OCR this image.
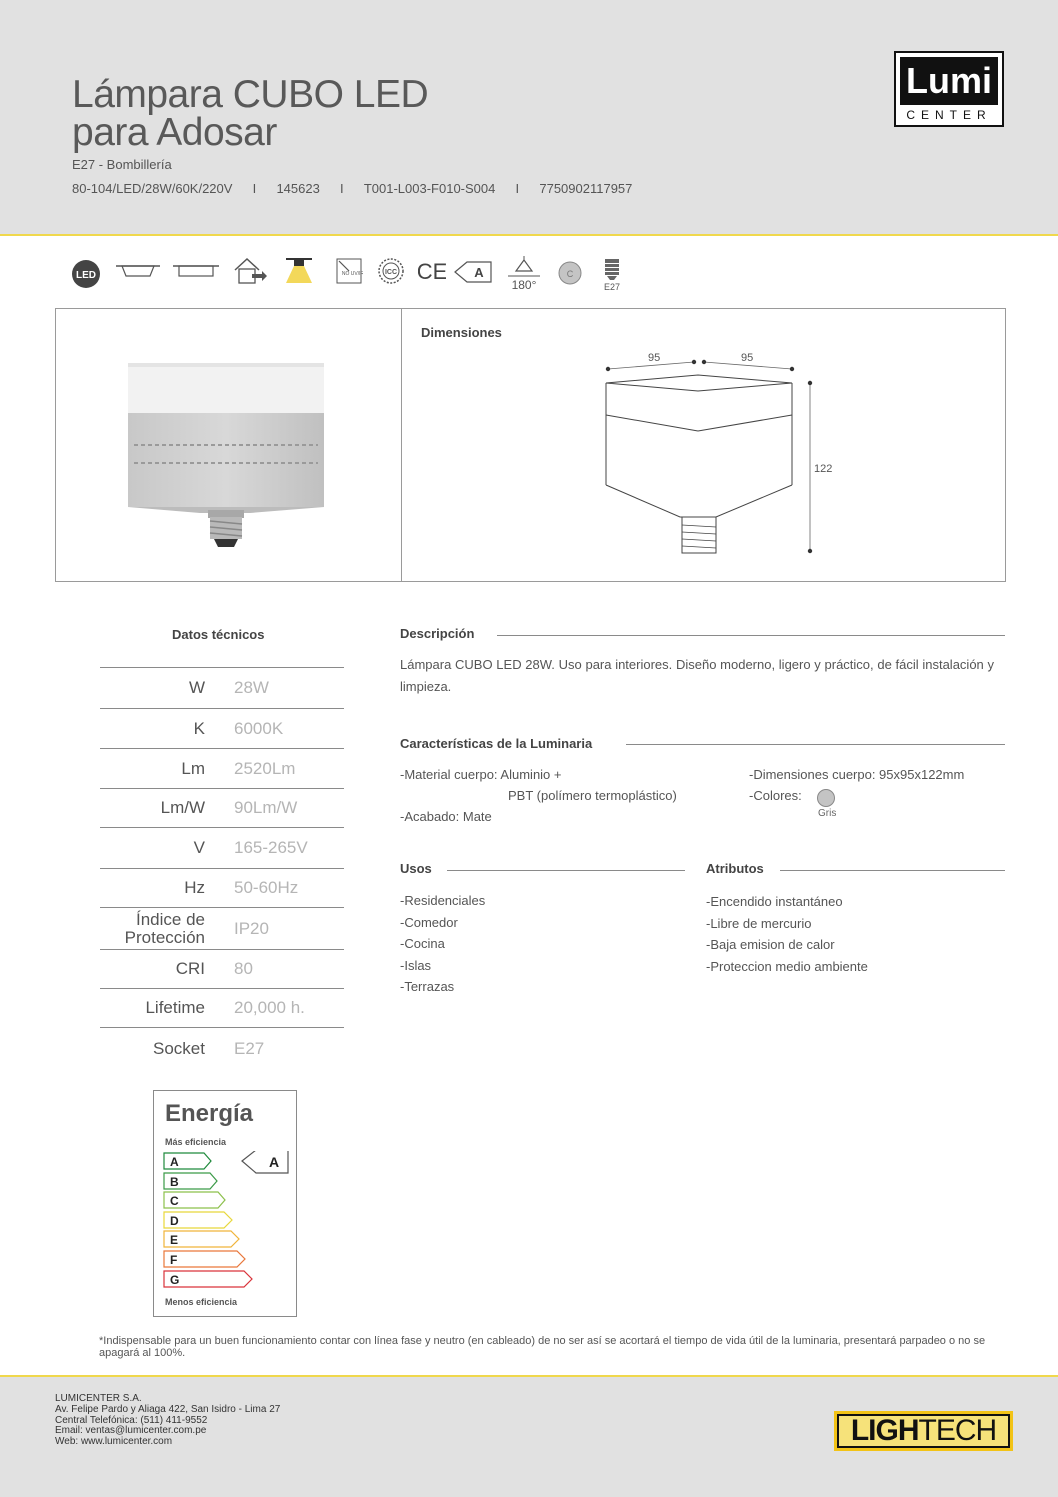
Lámpara CUBO LED
para Adosar
E27 - Bombillería
80-104/LED/28W/60K/220V	I	145623	I	T001-L003-F010-S004	I	7750902117957
Lumi
CENTER
LED	NO UV/IR	ICC CE A
180°
C
E27
Dimensiones
95	95
122
Datos técnicos
W 28W
K 6000K
Lm 2520Lm
Lm/W 90Lm/W
V 165-265V
Hz 50-60Hz
Índice de
Protección IP20
CRI 80
Lifetime 20,000 h.
Socket E27
Descripción
Lámpara CUBO LED 28W. Uso para interiores. Diseño moderno, ligero y práctico, de fácil instalación y limpieza.
Características de la Luminaria
-Material cuerpo: Aluminio +
PBT (polímero termoplástico)
-Acabado: Mate
-Dimensiones cuerpo: 95x95x122mm
-Colores:
Gris
Usos
-Residenciales
-Comedor
-Cocina
-Islas
-Terrazas
Atributos
-Encendido instantáneo
-Libre de mercurio
-Baja emision de calor
-Proteccion medio ambiente
Energía
Más eficiencia
A
B
C
D
E
F
G
A
Menos eficiencia
*Indispensable para un buen funcionamiento contar con línea fase y neutro (en cableado) de no ser así se acortará el tiempo de vida útil de la luminaria, presentará parpadeo o no se apagará al 100%.
LUMICENTER S.A.
Av. Felipe Pardo y Aliaga 422, San Isidro - Lima 27
Central Telefónica: (511) 411-9552
Email: ventas@lumicenter.com.pe
Web: www.lumicenter.com	LIGHTECH
